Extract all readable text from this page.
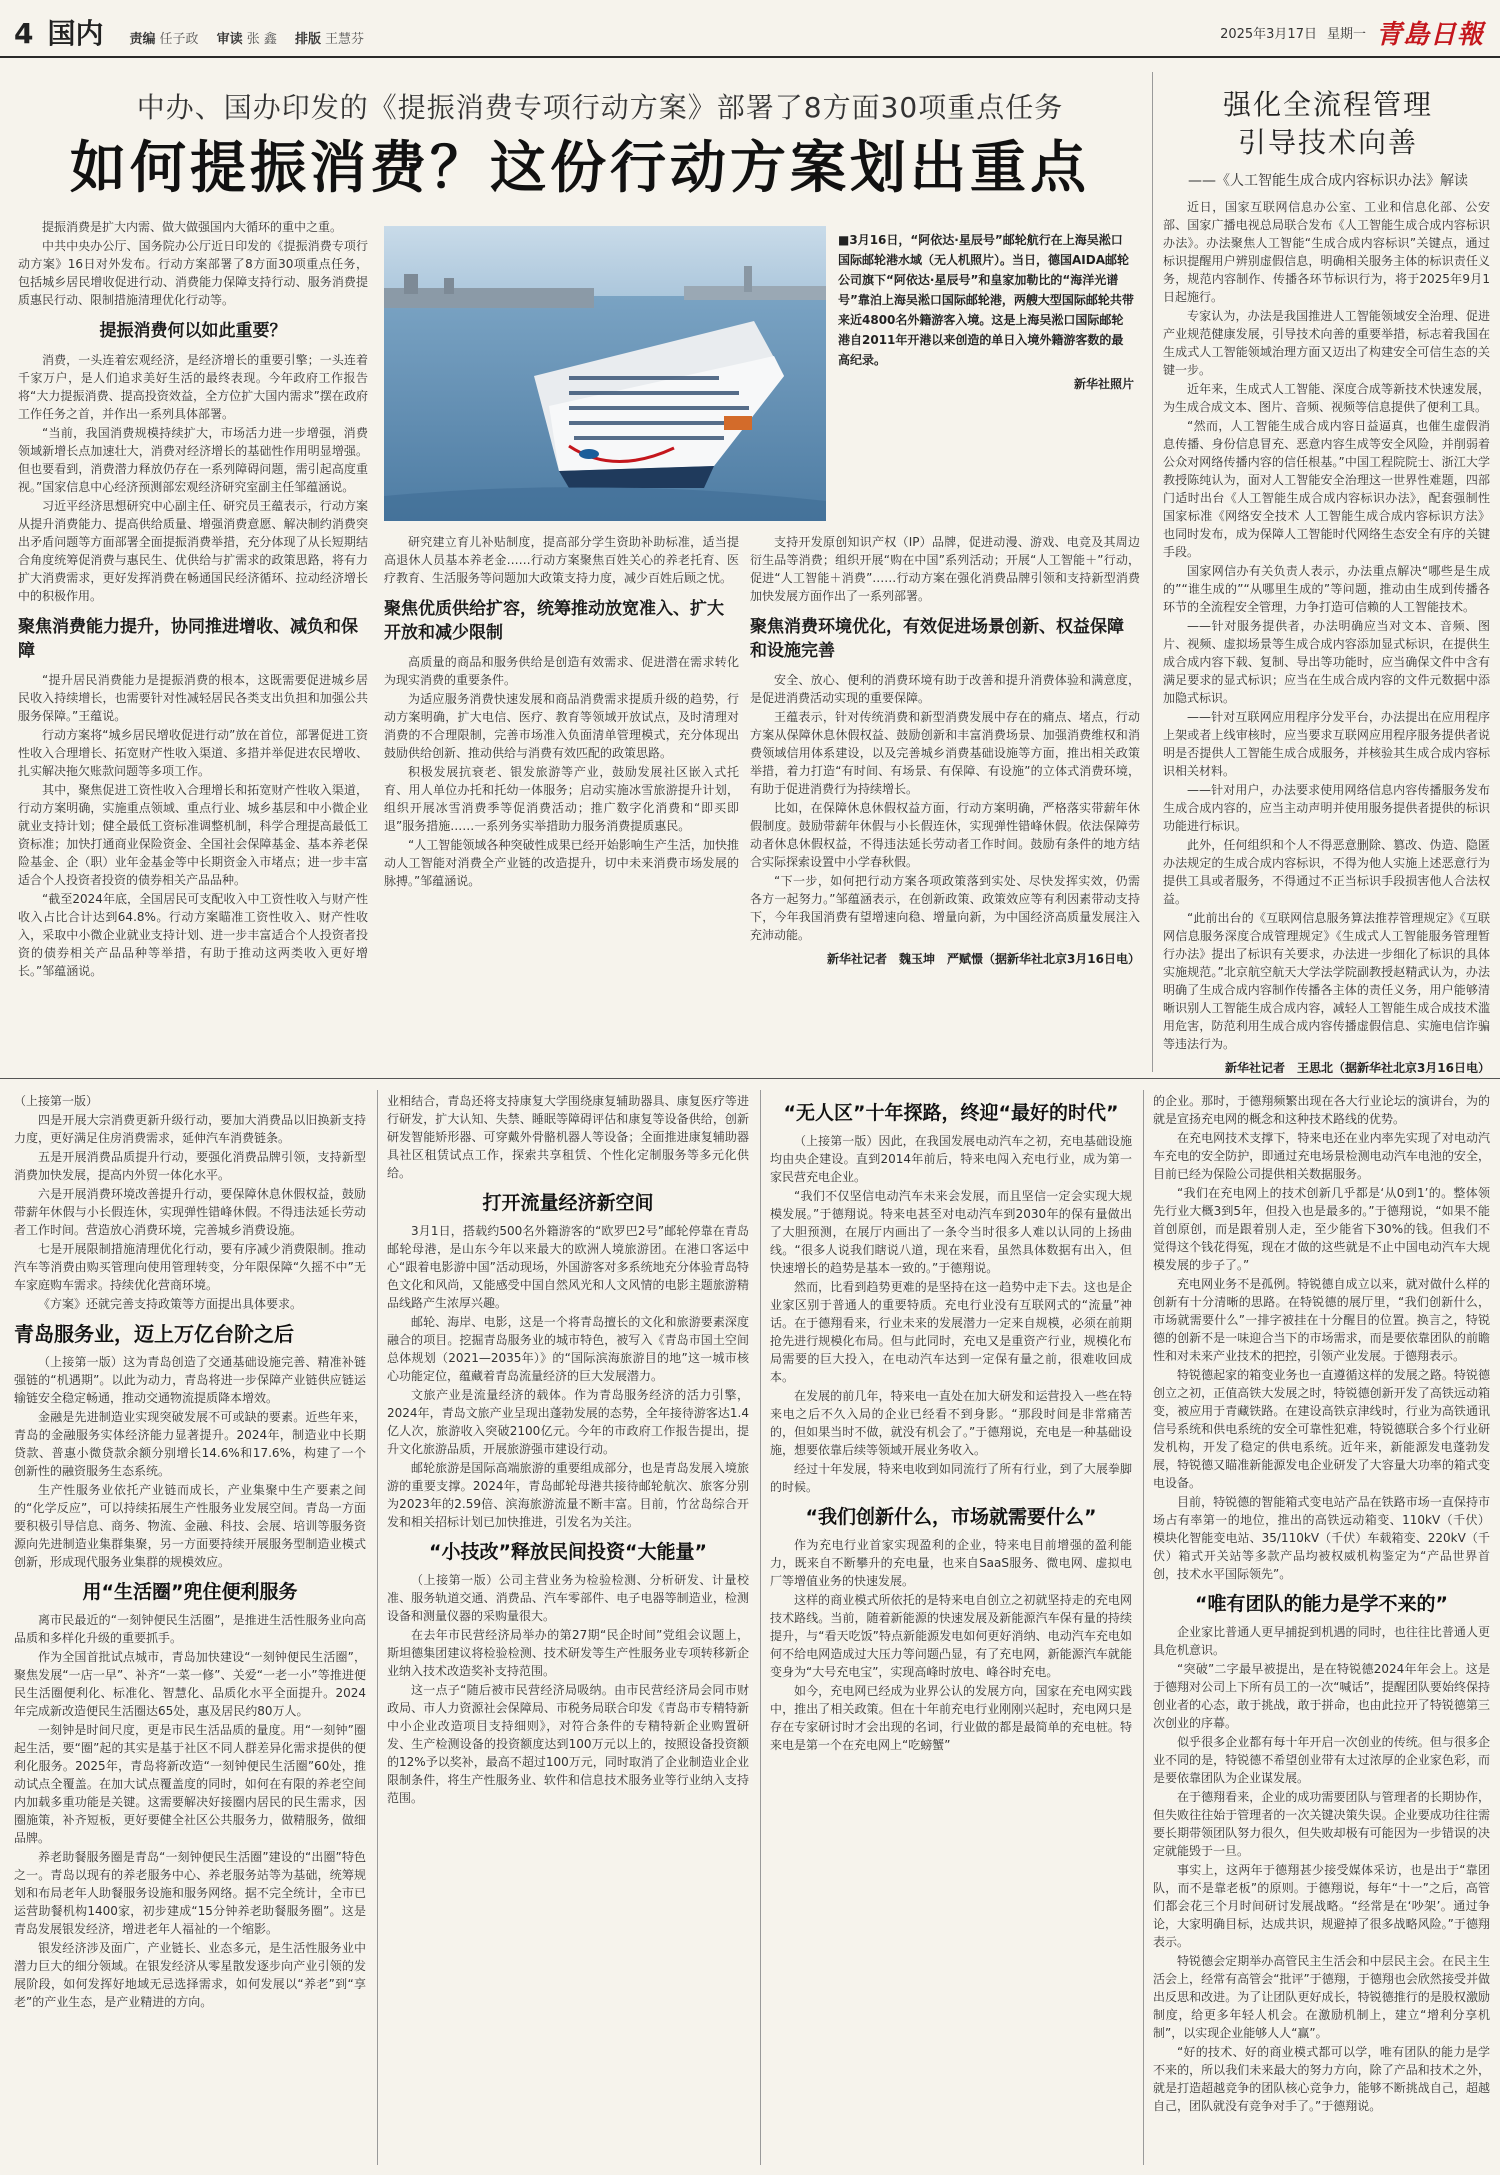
4 国内 责编 任子政 审读 张 鑫 排版 王慧芬	2025年3月17日 星期一 青島日報
中办、国办印发的《提振消费专项行动方案》部署了8方面30项重点任务
如何提振消费？这份行动方案划出重点
强化全流程管理
引导技术向善
——《人工智能生成合成内容标识办法》解读

提振消费是扩大内需、做大做强国内大循环的重中之重。

中共中央办公厅、国务院办公厅近日印发的《提振消费专项行动方案》16日对外发布。行动方案部署了8方面30项重点任务，包括城乡居民增收促进行动、消费能力保障支持行动、服务消费提质惠民行动、限制措施清理优化行动等。

提振消费何以如此重要？

消费，一头连着宏观经济，是经济增长的重要引擎；一头连着千家万户，是人们追求美好生活的最终表现。今年政府工作报告将“大力提振消费、提高投资效益，全方位扩大国内需求”摆在政府工作任务之首，并作出一系列具体部署。

“当前，我国消费规模持续扩大，市场活力进一步增强，消费领域新增长点加速壮大，消费对经济增长的基础性作用明显增强。但也要看到，消费潜力释放仍存在一系列障碍问题，需引起高度重视。”国家信息中心经济预测部宏观经济研究室副主任邹蕴涵说。

习近平经济思想研究中心副主任、研究员王蕴表示，行动方案从提升消费能力、提高供给质量、增强消费意愿、解决制约消费突出矛盾问题等方面部署全面提振消费举措，充分体现了从长短期结合角度统筹促消费与惠民生、优供给与扩需求的政策思路，将有力扩大消费需求，更好发挥消费在畅通国民经济循环、拉动经济增长中的积极作用。

聚焦消费能力提升，协同推进增收、减负和保障

“提升居民消费能力是提振消费的根本，这既需要促进城乡居民收入持续增长，也需要针对性减轻居民各类支出负担和加强公共服务保障。”王蕴说。

行动方案将“城乡居民增收促进行动”放在首位，部署促进工资性收入合理增长、拓宽财产性收入渠道、多措并举促进农民增收、扎实解决拖欠账款问题等多项工作。

其中，聚焦促进工资性收入合理增长和拓宽财产性收入渠道，行动方案明确，实施重点领域、重点行业、城乡基层和中小微企业就业支持计划；健全最低工资标准调整机制，科学合理提高最低工资标准；加快打通商业保险资金、全国社会保障基金、基本养老保险基金、企（职）业年金基金等中长期资金入市堵点；进一步丰富适合个人投资者投资的债券相关产品品种。

“截至2024年底，全国居民可支配收入中工资性收入与财产性收入占比合计达到64.8%。行动方案瞄准工资性收入、财产性收入，采取中小微企业就业支持计划、进一步丰富适合个人投资者投资的债券相关产品品种等举措，有助于推动这两类收入更好增长。”邹蕴涵说。

■3月16日，“阿依达·星辰号”邮轮航行在上海吴淞口国际邮轮港水域（无人机照片）。当日，德国AIDA邮轮公司旗下“阿依达·星辰号”和皇家加勒比的“海洋光谱号”靠泊上海吴淞口国际邮轮港，两艘大型国际邮轮共带来近4800名外籍游客入境。这是上海吴淞口国际邮轮港自2011年开港以来创造的单日入境外籍游客数的最高纪录。
新华社照片

研究建立育儿补贴制度，提高部分学生资助补助标准，适当提高退休人员基本养老金……行动方案聚焦百姓关心的养老托育、医疗教育、生活服务等问题加大政策支持力度，减少百姓后顾之忧。

聚焦优质供给扩容，统筹推动放宽准入、扩大开放和减少限制

高质量的商品和服务供给是创造有效需求、促进潜在需求转化为现实消费的重要条件。

为适应服务消费快速发展和商品消费需求提质升级的趋势，行动方案明确，扩大电信、医疗、教育等领域开放试点，及时清理对消费的不合理限制，完善市场准入负面清单管理模式，充分体现出鼓励供给创新、推动供给与消费有效匹配的政策思路。

积极发展抗衰老、银发旅游等产业，鼓励发展社区嵌入式托育、用人单位办托和托幼一体服务；启动实施冰雪旅游提升计划，组织开展冰雪消费季等促消费活动；推广数字化消费和“即买即退”服务措施……一系列务实举措助力服务消费提质惠民。

“人工智能领域各种突破性成果已经开始影响生产生活，加快推动人工智能对消费全产业链的改造提升，切中未来消费市场发展的脉搏。”邹蕴涵说。

支持开发原创知识产权（IP）品牌，促进动漫、游戏、电竞及其周边衍生品等消费；组织开展“购在中国”系列活动；开展“人工智能＋”行动，促进“人工智能＋消费”……行动方案在强化消费品牌引领和支持新型消费加快发展方面作出了一系列部署。

聚焦消费环境优化，有效促进场景创新、权益保障和设施完善

安全、放心、便利的消费环境有助于改善和提升消费体验和满意度，是促进消费活动实现的重要保障。

王蕴表示，针对传统消费和新型消费发展中存在的痛点、堵点，行动方案从保障休息休假权益、鼓励创新和丰富消费场景、加强消费维权和消费领域信用体系建设，以及完善城乡消费基础设施等方面，推出相关政策举措，着力打造“有时间、有场景、有保障、有设施”的立体式消费环境，有助于促进消费行为持续增长。

比如，在保障休息休假权益方面，行动方案明确，严格落实带薪年休假制度。鼓励带薪年休假与小长假连休，实现弹性错峰休假。依法保障劳动者休息休假权益，不得违法延长劳动者工作时间。鼓励有条件的地方结合实际探索设置中小学春秋假。

“下一步，如何把行动方案各项政策落到实处、尽快发挥实效，仍需各方一起努力。”邹蕴涵表示，在创新政策、政策效应等有利因素带动支持下，今年我国消费有望增速向稳、增量向新，为中国经济高质量发展注入充沛动能。

新华社记者　魏玉坤　严赋憬（据新华社北京3月16日电）

近日，国家互联网信息办公室、工业和信息化部、公安部、国家广播电视总局联合发布《人工智能生成合成内容标识办法》。办法聚焦人工智能“生成合成内容标识”关键点，通过标识提醒用户辨别虚假信息，明确相关服务主体的标识责任义务，规范内容制作、传播各环节标识行为，将于2025年9月1日起施行。

专家认为，办法是我国推进人工智能领域安全治理、促进产业规范健康发展，引导技术向善的重要举措，标志着我国在生成式人工智能领域治理方面又迈出了构建安全可信生态的关键一步。

近年来，生成式人工智能、深度合成等新技术快速发展，为生成合成文本、图片、音频、视频等信息提供了便利工具。

“然而，人工智能生成合成内容日益逼真，也催生虚假消息传播、身份信息冒充、恶意内容生成等安全风险，并削弱着公众对网络传播内容的信任根基。”中国工程院院士、浙江大学教授陈纯认为，面对人工智能安全治理这一世界性难题，四部门适时出台《人工智能生成合成内容标识办法》，配套强制性国家标准《网络安全技术 人工智能生成合成内容标识方法》也同时发布，成为保障人工智能时代网络生态安全有序的关键手段。

国家网信办有关负责人表示，办法重点解决“哪些是生成的”“谁生成的”“从哪里生成的”等问题，推动由生成到传播各环节的全流程安全管理，力争打造可信赖的人工智能技术。

——针对服务提供者，办法明确应当对文本、音频、图片、视频、虚拟场景等生成合成内容添加显式标识，在提供生成合成内容下载、复制、导出等功能时，应当确保文件中含有满足要求的显式标识；应当在生成合成内容的文件元数据中添加隐式标识。

——针对互联网应用程序分发平台，办法提出在应用程序上架或者上线审核时，应当要求互联网应用程序服务提供者说明是否提供人工智能生成合成服务，并核验其生成合成内容标识相关材料。

——针对用户，办法要求使用网络信息内容传播服务发布生成合成内容的，应当主动声明并使用服务提供者提供的标识功能进行标识。

此外，任何组织和个人不得恶意删除、篡改、伪造、隐匿办法规定的生成合成内容标识，不得为他人实施上述恶意行为提供工具或者服务，不得通过不正当标识手段损害他人合法权益。

“此前出台的《互联网信息服务算法推荐管理规定》《互联网信息服务深度合成管理规定》《生成式人工智能服务管理暂行办法》提出了标识有关要求，办法进一步细化了标识的具体实施规范。”北京航空航天大学法学院副教授赵精武认为，办法明确了生成合成内容制作传播各主体的责任义务，用户能够清晰识别人工智能生成合成内容，减轻人工智能生成合成技术滥用危害，防范利用生成合成内容传播虚假信息、实施电信诈骗等违法行为。

新华社记者　王思北（据新华社北京3月16日电）

（上接第一版）

四是开展大宗消费更新升级行动，要加大消费品以旧换新支持力度，更好满足住房消费需求，延伸汽车消费链条。

五是开展消费品质提升行动，要强化消费品牌引领，支持新型消费加快发展，提高内外贸一体化水平。

六是开展消费环境改善提升行动，要保障休息休假权益，鼓励带薪年休假与小长假连休，实现弹性错峰休假。不得违法延长劳动者工作时间。营造放心消费环境，完善城乡消费设施。

七是开展限制措施清理优化行动，要有序减少消费限制。推动汽车等消费由购买管理向使用管理转变，分年限保障“久摇不中”无车家庭购车需求。持续优化营商环境。

《方案》还就完善支持政策等方面提出具体要求。

青岛服务业，迈上万亿台阶之后

（上接第一版）这为青岛创造了交通基础设施完善、精准补链强链的“机遇期”。以此为动力，青岛将进一步保障产业链供应链运输链安全稳定畅通，推动交通物流提质降本增效。

金融是先进制造业实现突破发展不可或缺的要素。近些年来，青岛的金融服务实体经济能力显著提升。2024年，制造业中长期贷款、普惠小微贷款余额分别增长14.6%和17.6%，构建了一个创新性的融资服务生态系统。

生产性服务业依托产业链而成长，产业集聚中生产要素之间的“化学反应”，可以持续拓展生产性服务业发展空间。青岛一方面要积极引导信息、商务、物流、金融、科技、会展、培训等服务资源向先进制造业集群集聚，另一方面要持续开展服务型制造业模式创新，形成现代服务业集群的规模效应。

用“生活圈”兜住便利服务

离市民最近的“一刻钟便民生活圈”，是推进生活性服务业向高品质和多样化升级的重要抓手。

作为全国首批试点城市，青岛加快建设“一刻钟便民生活圈”，聚焦发展“一店一早”、补齐“一菜一修”、关爱“一老一小”等推进便民生活圈便利化、标准化、智慧化、品质化水平全面提升。2024年完成新改造便民生活圈达65处，惠及居民约80万人。

一刻钟是时间尺度，更是市民生活品质的量度。用“一刻钟”圈起生活，要“圈”起的其实是基于社区不同人群差异化需求提供的便利化服务。2025年，青岛将新改造“一刻钟便民生活圈”60处，推动试点全覆盖。在加大试点覆盖度的同时，如何在有限的养老空间内加载多重功能是关键。这需要解决好接圈内居民的民生需求，因圈施策，补齐短板，更好要健全社区公共服务力，做精服务，做细品牌。

养老助餐服务圈是青岛“一刻钟便民生活圈”建设的“出圈”特色之一。青岛以现有的养老服务中心、养老服务站等为基础，统筹规划和布局老年人助餐服务设施和服务网络。据不完全统计，全市已运营助餐机构1400家，初步建成“15分钟养老助餐服务圈”。这是青岛发展银发经济，增进老年人福祉的一个缩影。

银发经济涉及面广，产业链长、业态多元，是生活性服务业中潜力巨大的细分领域。在银发经济从零星散发逐步向产业引领的发展阶段，如何发挥好地域无忌选择需求，如何发展以“养老”到“享老”的产业生态，是产业精进的方向。

业相结合，青岛还将支持康复大学围绕康复辅助器具、康复医疗等进行研发，扩大认知、失禁、睡眠等障碍评估和康复等设备供给，创新研发智能矫形器、可穿戴外骨骼机器人等设备；全面推进康复辅助器具社区租赁试点工作，探索共享租赁、个性化定制服务等多元化供给。

打开流量经济新空间

3月1日，搭载约500名外籍游客的“欧罗巴2号”邮轮停靠在青岛邮轮母港，是山东今年以来最大的欧洲人境旅游团。在港口客运中心“跟着电影游中国”活动现场，外国游客对多系统地充分体验青岛特色文化和风尚，又能感受中国自然风光和人文风情的电影主题旅游精品线路产生浓厚兴趣。

邮轮、海岸、电影，这是一个将青岛擅长的文化和旅游要素深度融合的项目。挖掘青岛服务业的城市特色，被写入《青岛市国土空间总体规划（2021—2035年）》的“国际滨海旅游目的地”这一城市核心功能定位，蕴藏着青岛流量经济的巨大发展潜力。

文旅产业是流量经济的载体。作为青岛服务经济的活力引擎，2024年，青岛文旅产业呈现出蓬勃发展的态势，全年接待游客达1.4亿人次，旅游收入突破2100亿元。今年的市政府工作报告提出，提升文化旅游品质，开展旅游强市建设行动。

邮轮旅游是国际高端旅游的重要组成部分，也是青岛发展入境旅游的重要支撑。2024年，青岛邮轮母港共接待邮轮航次、旅客分别为2023年的2.59倍、滨海旅游流量不断丰富。目前，竹岔岛综合开发和相关招标计划已加快推进，引发名为关注。

“小技改”释放民间投资“大能量”

（上接第一版）公司主营业务为检验检测、分析研发、计量校准、服务轨道交通、消费品、汽车零部件、电子电器等制造业，检测设备和测量仪器的采购量很大。

在去年市民营经济局举办的第27期“民企时间”党组会议题上，斯坦德集团建议将检验检测、技术研发等生产性服务业专项转移新企业纳入技术改造奖补支持范围。

这一点子“随后被市民营经济局吸纳。由市民营经济局会同市财政局、市人力资源社会保障局、市税务局联合印发《青岛市专精特新中小企业改造项目支持细则》，对符合条件的专精特新企业购置研发、生产检测设备的投资额度达到100万元以上的，按照设备投资额的12%予以奖补，最高不超过100万元，同时取消了企业制造业企业限制条件，将生产性服务业、软件和信息技术服务业等行业纳入支持范围。

“无人区”十年探路，终迎“最好的时代”

（上接第一版）因此，在我国发展电动汽车之初，充电基础设施均由央企建设。直到2014年前后，特来电闯入充电行业，成为第一家民营充电企业。

“我们不仅坚信电动汽车未来会发展，而且坚信一定会实现大规模发展。”于德翔说。特来电甚至对电动汽车到2030年的保有量做出了大胆预测，在展厅内画出了一条令当时很多人难以认同的上扬曲线。“很多人说我们瞎说八道，现在来看，虽然具体数据有出入，但快速增长的趋势是基本一致的。”于德翔说。

然而，比看到趋势更难的是坚持在这一趋势中走下去。这也是企业家区别于普通人的重要特质。充电行业没有互联网式的“流量”神话。在于德翔看来，行业未来的发展潜力一定来自规模，必须在前期抢先进行规模化布局。但与此同时，充电又是重资产行业，规模化布局需要的巨大投入，在电动汽车达到一定保有量之前，很难收回成本。

在发展的前几年，特来电一直处在加大研发和运营投入一些在特来电之后不久入局的企业已经看不到身影。“那段时间是非常痛苦的，但如果当时不做，就没有机会了。”于德翔说，充电是一种基础设施，想要依靠后续等领域开展业务收入。

经过十年发展，特来电收到如同流行了所有行业，到了大展拳脚的时候。

“我们创新什么，市场就需要什么”

作为充电行业首家实现盈利的企业，特来电目前增强的盈利能力，既来自不断攀升的充电量，也来自SaaS服务、微电网、虚拟电厂等增值业务的快速发展。

这样的商业模式所依托的是特来电自创立之初就坚持走的充电网技术路线。当前，随着新能源的快速发展及新能源汽车保有量的持续提升，与“看天吃饭”特点新能源发电如何更好消纳、电动汽车充电如何不给电网造成过大压力等问题凸显，有了充电网，新能源汽车就能变身为“大号充电宝”，实现高峰时放电、峰谷时充电。

如今，充电网已经成为业界公认的发展方向，国家在充电网实践中，推出了相关政策。但在十年前充电行业刚刚兴起时，充电网只是存在专家研讨时才会出现的名词，行业做的都是最简单的充电桩。特来电是第一个在充电网上“吃螃蟹”

的企业。那时，于德翔频繁出现在各大行业论坛的演讲台，为的就是宣扬充电网的概念和这种技术路线的优势。

在充电网技术支撑下，特来电还在业内率先实现了对电动汽车充电的安全防护，即通过充电场景检测电动汽车电池的安全，目前已经为保险公司提供相关数据服务。

“我们在充电网上的技术创新几乎都是‘从0到1’的。整体领先行业大概3到5年，但投入也是最多的。”于德翔说，“如果不能首创原创，而是跟着别人走，至少能省下30%的钱。但我们不觉得这个钱花得冤，现在才做的这些就是不止中国电动汽车大规模发展的步子了。”

充电网业务不是孤例。特锐德自成立以来，就对做什么样的创新有十分清晰的思路。在特锐德的展厅里，“我们创新什么，市场就需要什么”一排字被挂在十分醒目的位置。换言之，特锐德的创新不是一味迎合当下的市场需求，而是要依靠团队的前瞻性和对未来产业技术的把控，引领产业发展。于德翔表示。

特锐德起家的箱变业务也一直遵循这样的发展之路。特锐德创立之初，正值高铁大发展之时，特锐德创新开发了高铁远动箱变，被应用于青藏铁路。在建设高铁京津线时，行业为高铁通讯信号系统和供电系统的安全可靠性犯难，特锐德联合多个行业研发机构，开发了稳定的供电系统。近年来，新能源发电蓬勃发展，特锐德又瞄准新能源发电企业研发了大容量大功率的箱式变电设备。

目前，特锐德的智能箱式变电站产品在铁路市场一直保持市场占有率第一的地位，推出的高铁远动箱变、110kV（千伏）模块化智能变电站、35/110kV（千伏）车载箱变、220kV（千伏）箱式开关站等多款产品均被权威机构鉴定为“产品世界首创，技术水平国际领先”。

“唯有团队的能力是学不来的”

企业家比普通人更早捕捉到机遇的同时，也往往比普通人更具危机意识。

“突破”二字最早被提出，是在特锐德2024年年会上。这是于德翔对公司上下所有员工的一次“喊话”，提醒团队要始终保持创业者的心态，敢于挑战，敢于拼命，也由此拉开了特锐德第三次创业的序幕。

似乎很多企业都有每十年开启一次创业的传统。但与很多企业不同的是，特锐德不希望创业带有太过浓厚的企业家色彩，而是要依靠团队为企业谋发展。

在于德翔看来，企业的成功需要团队与管理者的长期协作，但失败往往始于管理者的一次关键决策失误。企业要成功往往需要长期带领团队努力很久，但失败却极有可能因为一步错误的决定就能毁于一旦。

事实上，这两年于德翔甚少接受媒体采访，也是出于“靠团队，而不是靠老板”的原则。于德翔说，每年“十一”之后，高管们都会花三个月时间研讨发展战略。“经常是在‘吵架’。通过争论，大家明确目标，达成共识，规避掉了很多战略风险。”于德翔表示。

特锐德会定期举办高管民主生活会和中层民主会。在民主生活会上，经常有高管会“批评”于德翔，于德翔也会欣然接受并做出反思和改进。为了让团队更好成长，特锐德推行的是股权激励制度，给更多年轻人机会。在激励机制上，建立“增利分享机制”，以实现企业能够人人“赢”。

“好的技术、好的商业模式都可以学，唯有团队的能力是学不来的，所以我们未来最大的努力方向，除了产品和技术之外，就是打造超越竞争的团队核心竞争力，能够不断挑战自己，超越自己，团队就没有竞争对手了。”于德翔说。
